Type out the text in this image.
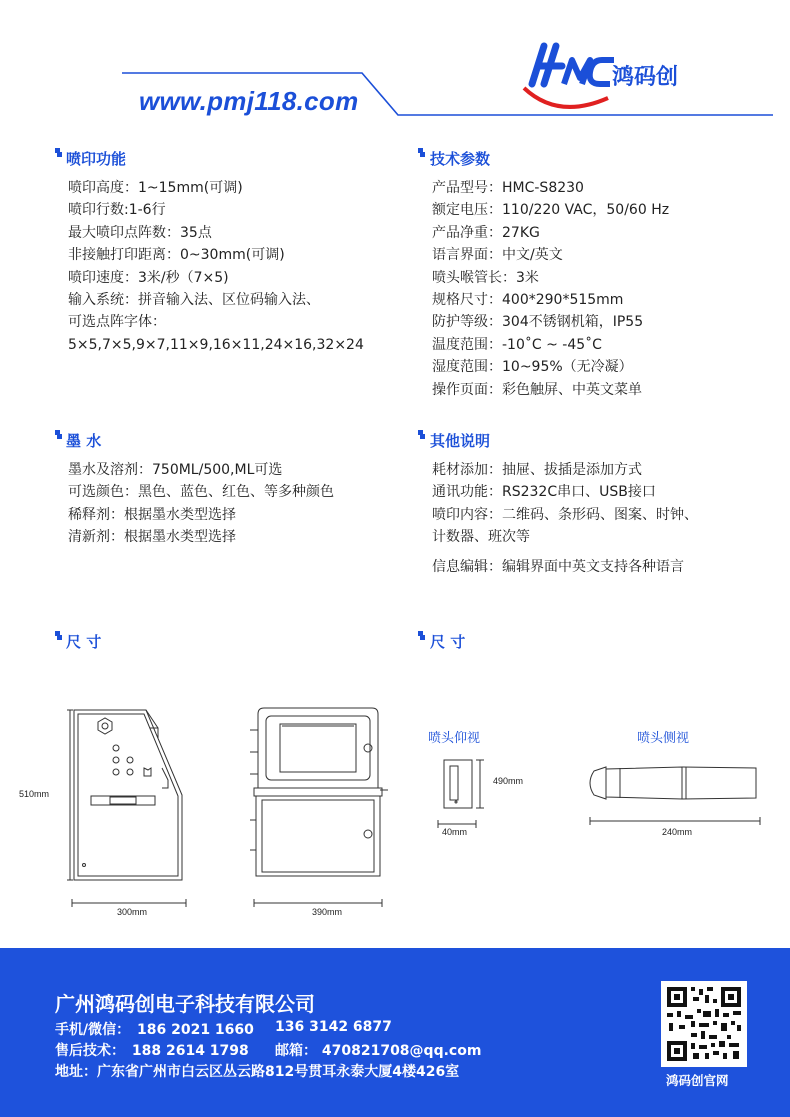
www.pmj118.com
鸿码创
喷印功能
喷印高度：1~15mm(可调)
喷印行数:1-6行
最大喷印点阵数：35点
非接触打印距离：0~30mm(可调)
喷印速度：3米/秒（7×5)
输入系统：拼音输入法、区位码输入法、
可选点阵字体：
5×5,7×5,9×7,11×9,16×11,24×16,32×24
技术参数
产品型号：HMC-S8230
额定电压：110/220 VAC，50/60 Hz
产品净重：27KG
语言界面：中文/英文
喷头喉管长：3米
规格尺寸：400*290*515mm
防护等级：304不锈钢机箱，IP55
温度范围：-10˚C ~ -45˚C
湿度范围：10~95%（无冷凝）
操作页面：彩色触屏、中英文菜单
墨 水
墨水及溶剂：750ML/500,ML可选
可选颜色：黑色、蓝色、红色、等多种颜色
稀释剂：根据墨水类型选择
清新剂：根据墨水类型选择
其他说明
耗材添加：抽屉、拔插是添加方式
通讯功能：RS232C串口、USB接口
喷印内容：二维码、条形码、图案、时钟、
计数器、班次等
信息编辑：编辑界面中英文支持各种语言
尺 寸	尺 寸
510mm
300mm	390mm
喷头仰视
490mm
40mm
喷头侧视
240mm
广州鸿码创电子科技有限公司
手机/微信： 186 2021 1660 136 3142 6877
售后技术： 188 2614 1798 邮箱： 470821708@qq.com
地址：广东省广州市白云区丛云路812号贯耳永泰大厦4楼426室
鸿码创官网
